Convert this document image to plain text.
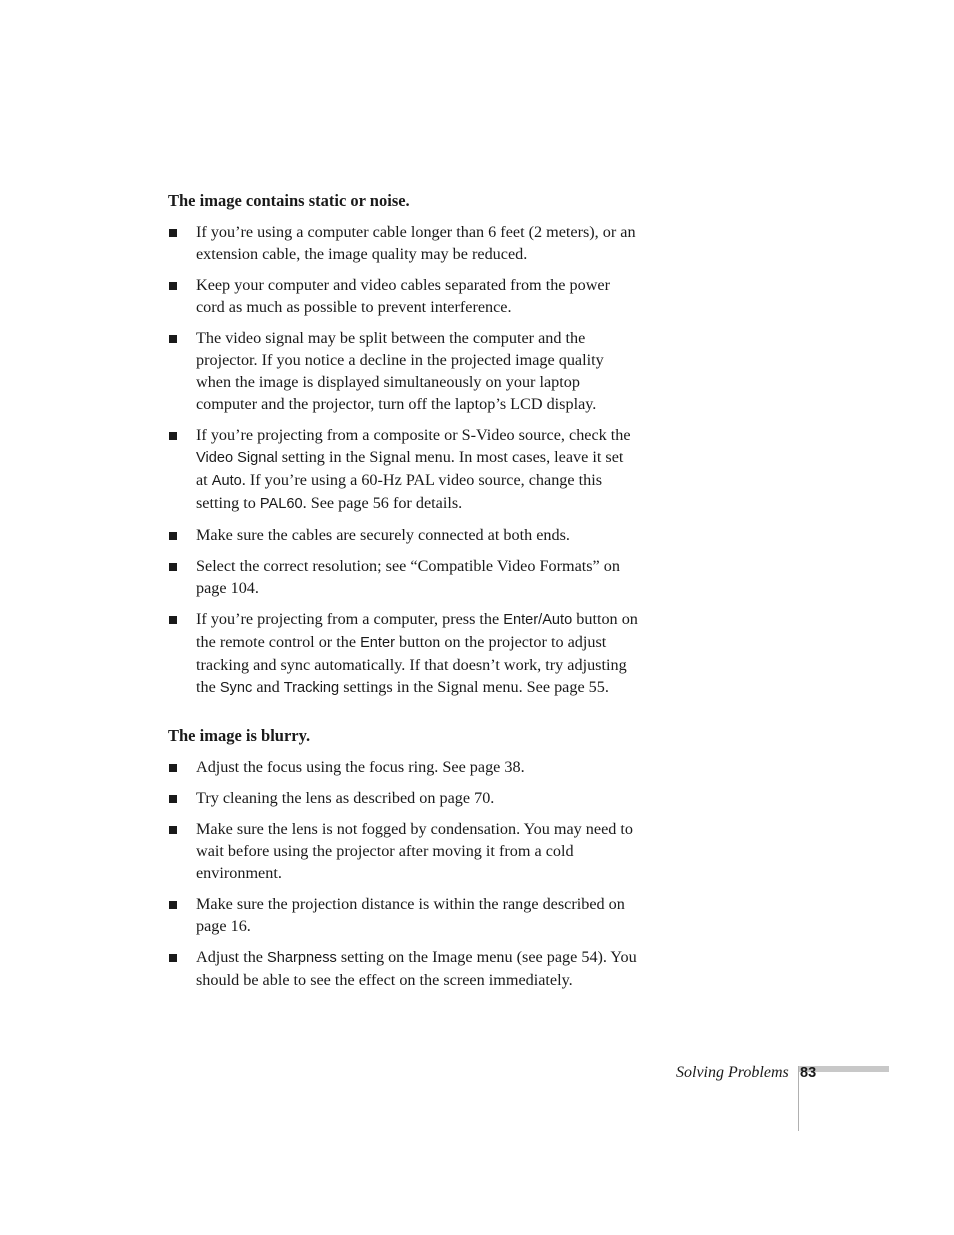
The image contains static or noise.
If you’re using a computer cable longer than 6 feet (2 meters), or an extension cable, the image quality may be reduced.
Keep your computer and video cables separated from the power cord as much as possible to prevent interference.
The video signal may be split between the computer and the projector. If you notice a decline in the projected image quality when the image is displayed simultaneously on your laptop computer and the projector, turn off the laptop’s LCD display.
If you’re projecting from a composite or S-Video source, check the Video Signal setting in the Signal menu. In most cases, leave it set at Auto. If you’re using a 60-Hz PAL video source, change this setting to PAL60. See page 56 for details.
Make sure the cables are securely connected at both ends.
Select the correct resolution; see “Compatible Video Formats” on page 104.
If you’re projecting from a computer, press the Enter/Auto button on the remote control or the Enter button on the projector to adjust tracking and sync automatically. If that doesn’t work, try adjusting the Sync and Tracking settings in the Signal menu. See page 55.
The image is blurry.
Adjust the focus using the focus ring. See page 38.
Try cleaning the lens as described on page 70.
Make sure the lens is not fogged by condensation. You may need to wait before using the projector after moving it from a cold environment.
Make sure the projection distance is within the range described on page 16.
Adjust the Sharpness setting on the Image menu (see page 54). You should be able to see the effect on the screen immediately.
Solving Problems 83
